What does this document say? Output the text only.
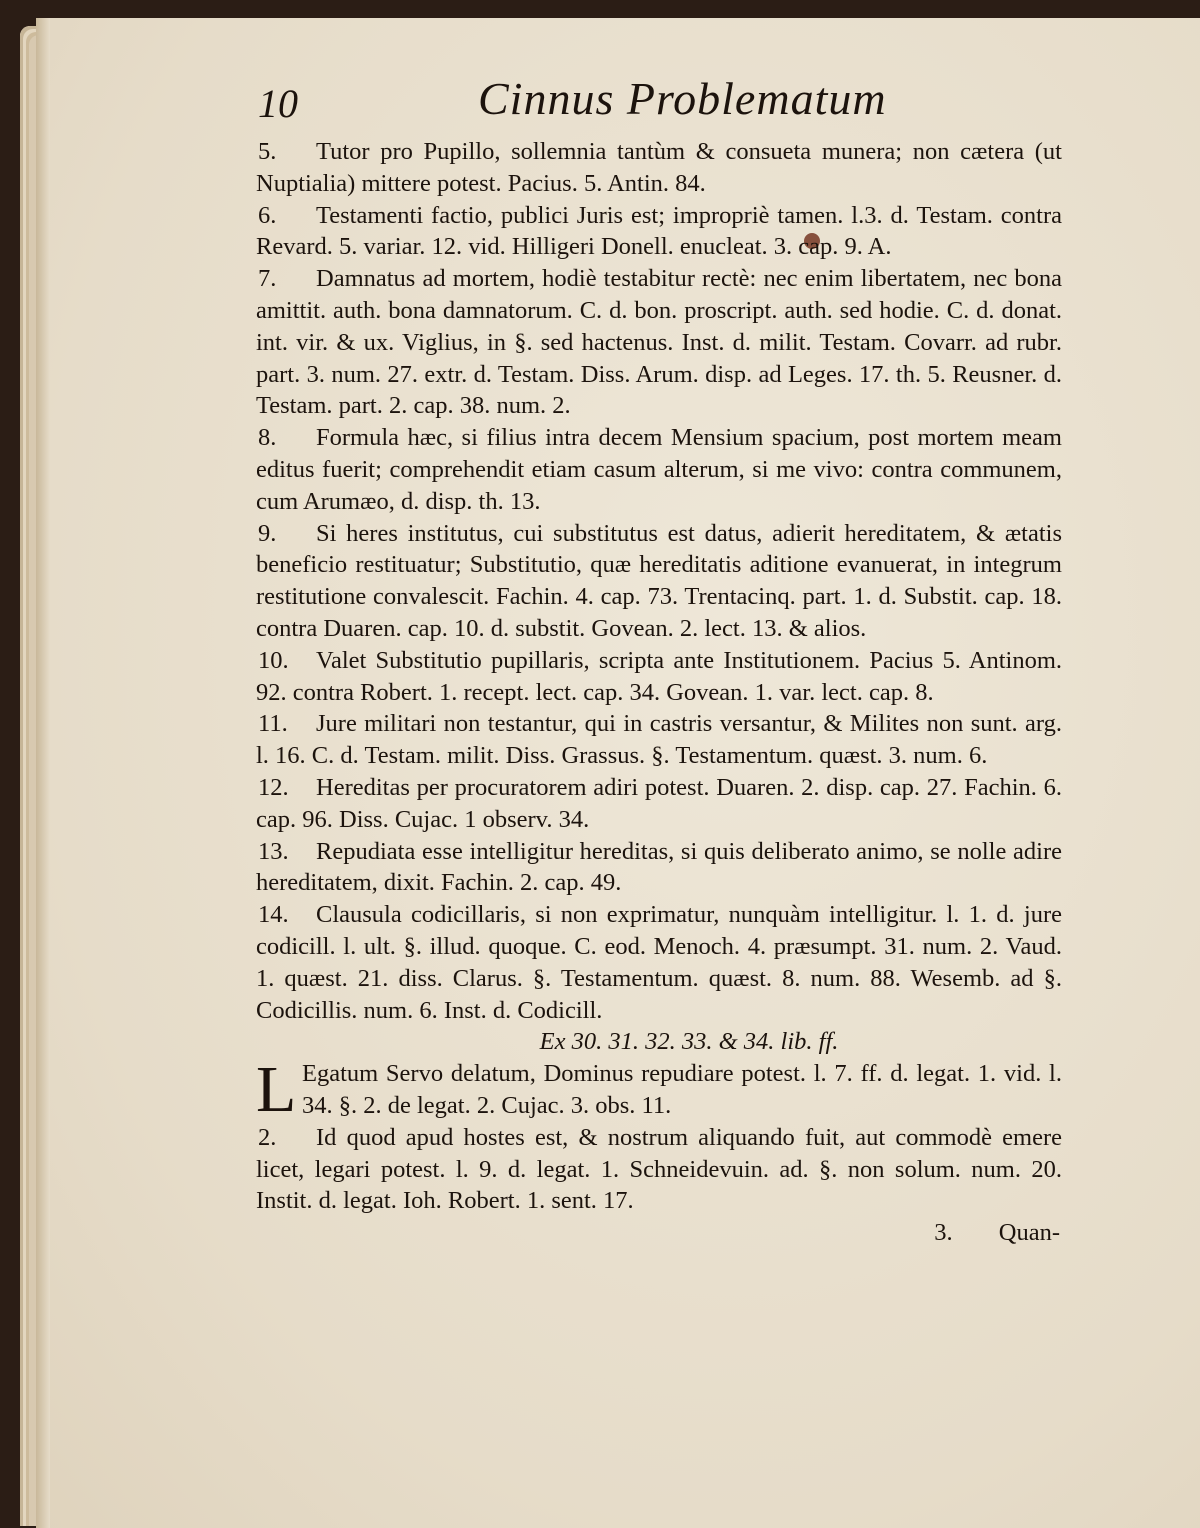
10	Cinnus Problematum
5. Tutor pro Pupillo, sollemnia tantùm & consueta munera; non cætera (ut Nuptialia) mittere potest. Pacius. 5. Antin. 84.
6. Testamenti factio, publici Juris est; impropriè tamen. l.3. d. Testam. contra Revard. 5. variar. 12. vid. Hilligeri Donell. enucleat. 3. cap. 9. A.
7. Damnatus ad mortem, hodiè testabitur rectè: nec enim libertatem, nec bona amittit. auth. bona damnatorum. C. d. bon. proscript. auth. sed hodie. C. d. donat. int. vir. & ux. Viglius, in §. sed hactenus. Inst. d. milit. Testam. Covarr. ad rubr. part. 3. num. 27. extr. d. Testam. Diss. Arum. disp. ad Leges. 17. th. 5. Reusner. d. Testam. part. 2. cap. 38. num. 2.
8. Formula hæc, si filius intra decem Mensium spacium, post mortem meam editus fuerit; comprehendit etiam casum alterum, si me vivo: contra communem, cum Arumæo, d. disp. th. 13.
9. Si heres institutus, cui substitutus est datus, adierit hereditatem, & ætatis beneficio restituatur; Substitutio, quæ hereditatis aditione evanuerat, in integrum restitutione convalescit. Fachin. 4. cap. 73. Trentacinq. part. 1. d. Substit. cap. 18. contra Duaren. cap. 10. d. substit. Govean. 2. lect. 13. & alios.
10. Valet Substitutio pupillaris, scripta ante Institutionem. Pacius 5. Antinom. 92. contra Robert. 1. recept. lect. cap. 34. Govean. 1. var. lect. cap. 8.
11. Jure militari non testantur, qui in castris versantur, & Milites non sunt. arg. l. 16. C. d. Testam. milit. Diss. Grassus. §. Testamentum. quæst. 3. num. 6.
12. Hereditas per procuratorem adiri potest. Duaren. 2. disp. cap. 27. Fachin. 6. cap. 96. Diss. Cujac. 1 observ. 34.
13. Repudiata esse intelligitur hereditas, si quis deliberato animo, se nolle adire hereditatem, dixit. Fachin. 2. cap. 49.
14. Clausula codicillaris, si non exprimatur, nunquàm intelligitur. l. 1. d. jure codicill. l. ult. §. illud. quoque. C. eod. Menoch. 4. præsumpt. 31. num. 2. Vaud. 1. quæst. 21. diss. Clarus. §. Testamentum. quæst. 8. num. 88. Wesemb. ad §. Codicillis. num. 6. Inst. d. Codicill.
Ex 30. 31. 32. 33. & 34. lib. ff.
L Egatum Servo delatum, Dominus repudiare potest. l. 7. ff. d. legat. 1. vid. l. 34. §. 2. de legat. 2. Cujac. 3. obs. 11.
2. Id quod apud hostes est, & nostrum aliquando fuit, aut commodè emere licet, legari potest. l. 9. d. legat. 1. Schneidevuin. ad. §. non solum. num. 20. Instit. d. legat. Ioh. Robert. 1. sent. 17.
3. Quan-
